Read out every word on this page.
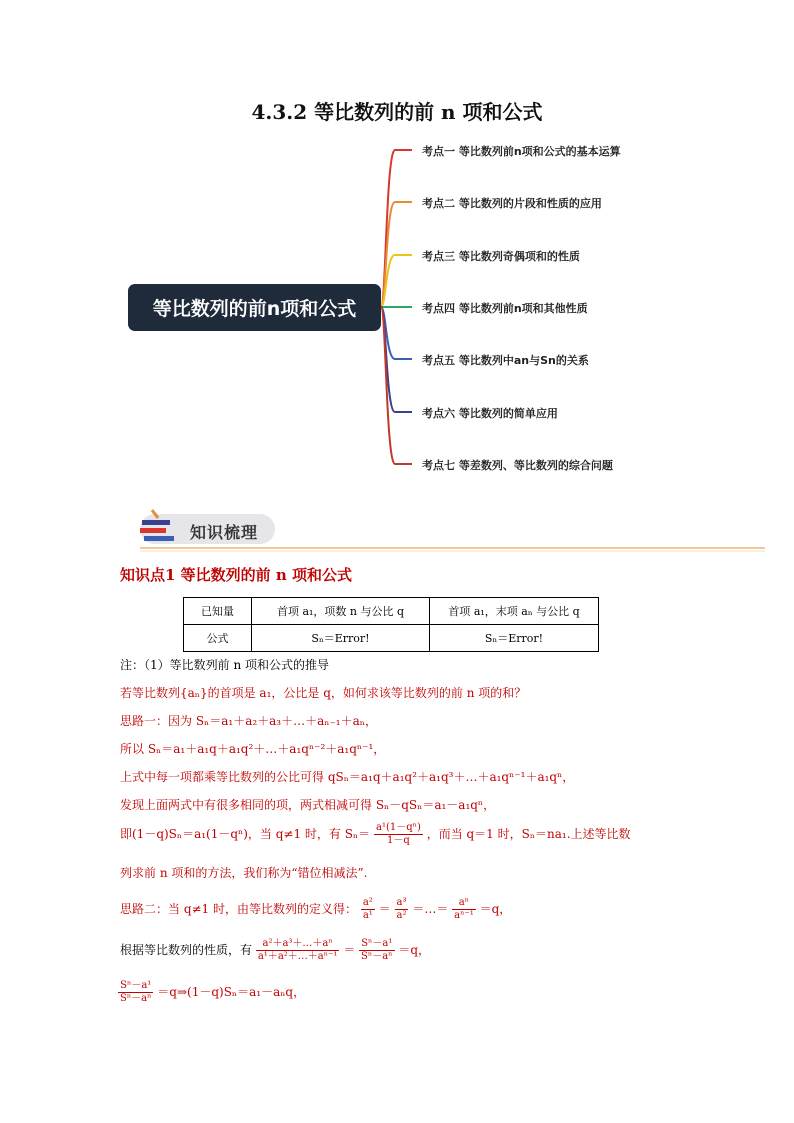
4.3.2 等比数列的前 n 项和公式
等比数列的前n项和公式
考点一 等比数列前n项和公式的基本运算
考点二 等比数列的片段和性质的应用
考点三 等比数列奇偶项和的性质
考点四 等比数列前n项和其他性质
考点五 等比数列中an与Sn的关系
考点六 等比数列的简单应用
考点七 等差数列、等比数列的综合问题
知识梳理
知识点1 等比数列的前 n 项和公式
已知量	首项 a₁，项数 n 与公比 q	首项 a₁，末项 aₙ 与公比 q
公式	Sₙ＝Error!	Sₙ＝Error!
注：（1）等比数列前 n 项和公式的推导
若等比数列{aₙ}的首项是 a₁，公比是 q，如何求该等比数列的前 n 项的和？
思路一：因为 Sₙ＝a₁＋a₂＋a₃＋…＋aₙ₋₁＋aₙ，
所以 Sₙ＝a₁＋a₁q＋a₁q²＋…＋a₁qⁿ⁻²＋a₁qⁿ⁻¹，
上式中每一项都乘等比数列的公比可得 qSₙ＝a₁q＋a₁q²＋a₁q³＋…＋a₁qⁿ⁻¹＋a₁qⁿ，
发现上面两式中有很多相同的项，两式相减可得 Sₙ－qSₙ＝a₁－a₁qⁿ，
即(1－q)Sₙ＝a₁(1－qⁿ)，当 q≠1 时，有 $S_n= \frac{\text{a¹(1－qⁿ)}}{1-q}$ ，而当 q＝1 时，Sₙ＝na₁.上述等比数
列求前 n 项和的方法，我们称为“错位相减法”.
思路二：当 q≠1 时，由等比数列的定义得： $\frac{\text{a²}}{\text{a¹}} = \frac{\text{a³}}{\text{a²}}$ ＝…＝ $\frac{\text{aⁿ}}{\text{aⁿ⁻¹}} =q$，
根据等比数列的性质，有 $\frac{\text{a²＋a³＋…＋aⁿ}}{\text{a¹＋a²＋…＋aⁿ⁻¹}} = \frac{\text{Sⁿ－a¹}}{\text{Sⁿ－aⁿ}} =q$，
$\frac{\text{Sⁿ－a¹}}{\text{Sⁿ－aⁿ}}$ ＝q⇒(1－q)Sₙ＝a₁－aₙq，
